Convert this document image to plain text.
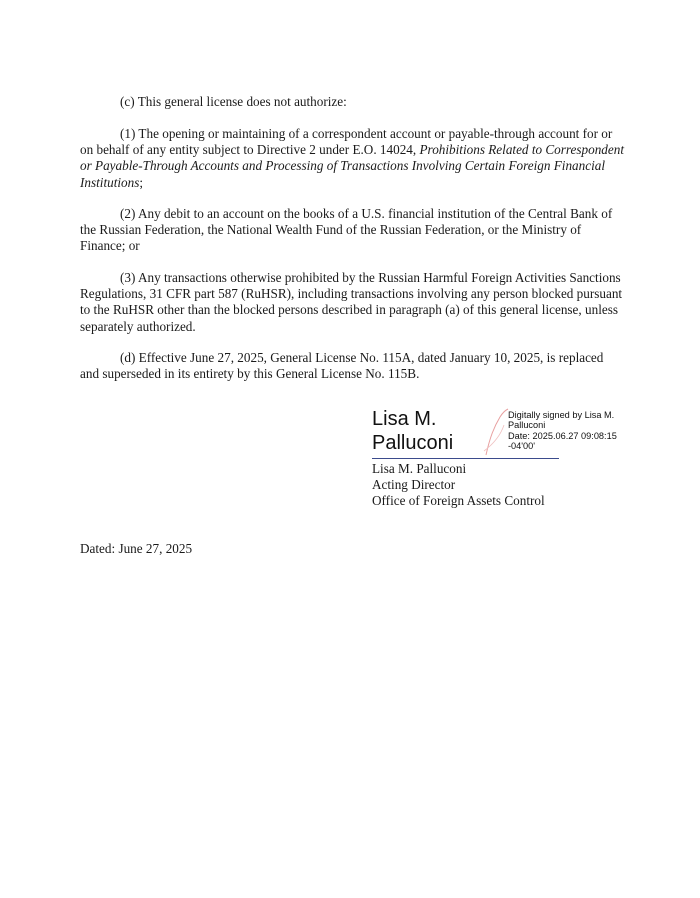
(c) This general license does not authorize:

(1) The opening or maintaining of a correspondent account or payable-through account for or on behalf of any entity subject to Directive 2 under E.O. 14024, Prohibitions Related to Correspondent or Payable-Through Accounts and Processing of Transactions Involving Certain Foreign Financial Institutions;

(2) Any debit to an account on the books of a U.S. financial institution of the Central Bank of the Russian Federation, the National Wealth Fund of the Russian Federation, or the Ministry of Finance; or

(3) Any transactions otherwise prohibited by the Russian Harmful Foreign Activities Sanctions Regulations, 31 CFR part 587 (RuHSR), including transactions involving any person blocked pursuant to the RuHSR other than the blocked persons described in paragraph (a) of this general license, unless separately authorized.

(d) Effective June 27, 2025, General License No. 115A, dated January 10, 2025, is replaced and superseded in its entirety by this General License No. 115B.

Lisa M.
Palluconi
Digitally signed by Lisa M.
Palluconi
Date: 2025.06.27 09:08:15
-04'00'
Lisa M. Palluconi
Acting Director
Office of Foreign Assets Control
Dated: June 27, 2025
